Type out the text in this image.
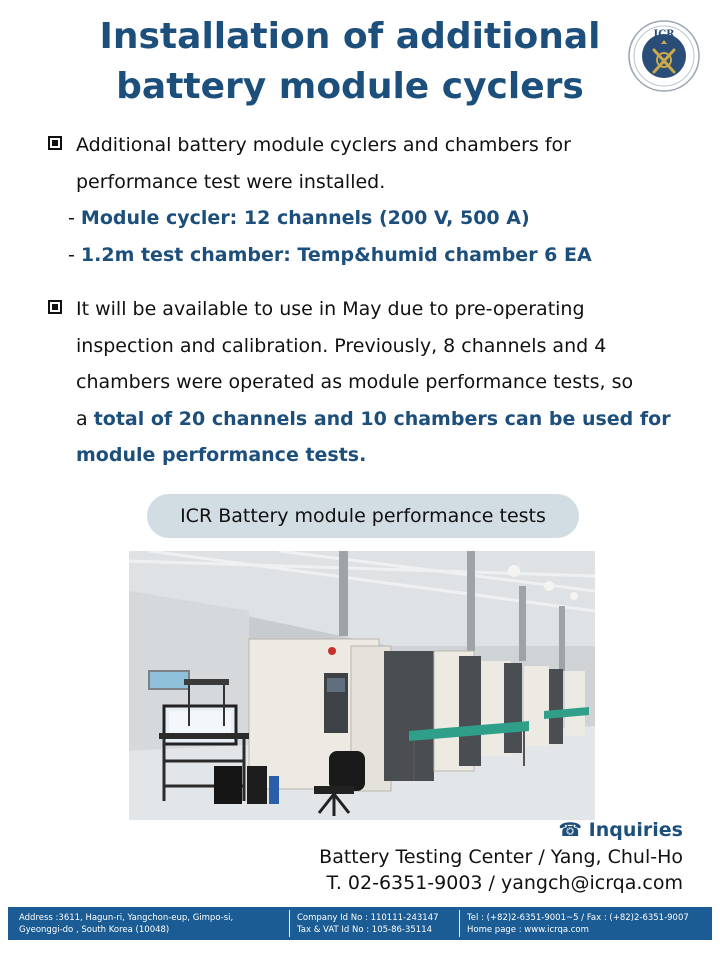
Installation of additional
battery module cyclers
ICR
Additional battery module cyclers and chambers for
performance test were installed.
- Module cycler: 12 channels (200 V, 500 A)
- 1.2m test chamber: Temp&humid chamber 6 EA
It will be available to use in May due to pre-operating
inspection and calibration. Previously, 8 channels and 4
chambers were operated as module performance tests, so
a total of 20 channels and 10 chambers can be used for
module performance tests.
ICR Battery module performance tests
☎ Inquiries
Battery Testing Center / Yang, Chul-Ho
T. 02-6351-9003 / yangch@icrqa.com
Address :3611, Hagun-ri, Yangchon-eup, Gimpo-si,
Gyeonggi-do , South Korea (10048)
Company Id No : 110111-243147
Tax & VAT Id No : 105-86-35114
Tel : (+82)2-6351-9001~5 / Fax : (+82)2-6351-9007
Home page : www.icrqa.com
